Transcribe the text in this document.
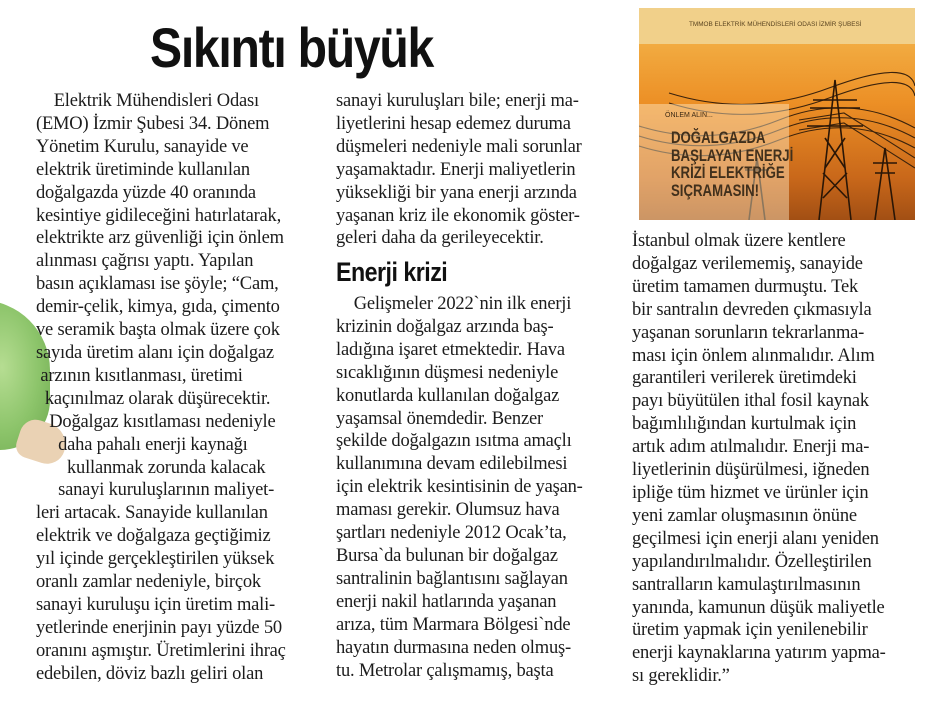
Sıkıntı büyük

Elektrik Mühendisleri Odası
(EMO) İzmir Şubesi 34. Dönem
Yönetim Kurulu, sanayide ve
elektrik üretiminde kullanılan
doğalgazda yüzde 40 oranında
kesintiye gidileceğini hatırlatarak,
elektrikte arz güvenliği için önlem
alınması çağrısı yaptı. Yapılan
basın açıklaması ise şöyle; “Cam,
demir-çelik, kimya, gıda, çimento
ve seramik başta olmak üzere çok
sayıda üretim alanı için doğalgaz
arzının kısıtlanması, üretimi
kaçınılmaz olarak düşürecektir.
Doğalgaz kısıtlaması nedeniyle
daha pahalı enerji kaynağı
kullanmak zorunda kalacak
sanayi kuruluşlarının maliyet-
leri artacak. Sanayide kullanılan
elektrik ve doğalgaza geçtiğimiz
yıl içinde gerçekleştirilen yüksek
oranlı zamlar nedeniyle, birçok
sanayi kuruluşu için üretim mali-
yetlerinde enerjinin payı yüzde 50
oranını aşmıştır. Üretimlerini ihraç
edebilen, döviz bazlı geliri olan

sanayi kuruluşları bile; enerji ma-
liyetlerini hesap edemez duruma
düşmeleri nedeniyle mali sorunlar
yaşamaktadır. Enerji maliyetlerin
yüksekliği bir yana enerji arzında
yaşanan kriz ile ekonomik göster-
geleri daha da gerileyecektir.

Enerji krizi

Gelişmeler 2022`nin ilk enerji
krizinin doğalgaz arzında baş-
ladığına işaret etmektedir. Hava
sıcaklığının düşmesi nedeniyle
konutlarda kullanılan doğalgaz
yaşamsal önemdedir. Benzer
şekilde doğalgazın ısıtma amaçlı
kullanımına devam edilebilmesi
için elektrik kesintisinin de yaşan-
maması gerekir. Olumsuz hava
şartları nedeniyle 2012 Ocak’ta,
Bursa`da bulunan bir doğalgaz
santralinin bağlantısını sağlayan
enerji nakil hatlarında yaşanan
arıza, tüm Marmara Bölgesi`nde
hayatın durmasına neden olmuş-
tu. Metrolar çalışmamış, başta

İstanbul olmak üzere kentlere
doğalgaz verilememiş, sanayide
üretim tamamen durmuştu. Tek
bir santralın devreden çıkmasıyla
yaşanan sorunların tekrarlanma-
ması için önlem alınmalıdır. Alım
garantileri verilerek üretimdeki
payı büyütülen ithal fosil kaynak
bağımlılığından kurtulmak için
artık adım atılmalıdır. Enerji ma-
liyetlerinin düşürülmesi, iğneden
ipliğe tüm hizmet ve ürünler için
yeni zamlar oluşmasının önüne
geçilmesi için enerji alanı yeniden
yapılandırılmalıdır. Özelleştirilen
santralların kamulaştırılmasının
yanında, kamunun düşük maliyetle
üretim yapmak için yenilenebilir
enerji kaynaklarına yatırım yapma-
sı gereklidir.”

TMMOB ELEKTRİK MÜHENDİSLERİ ODASI İZMİR ŞUBESİ
ÖNLEM ALIN...
DOĞALGAZDA
BAŞLAYAN ENERJİ
KRİZİ ELEKTRİĞE
SIÇRAMASIN!
